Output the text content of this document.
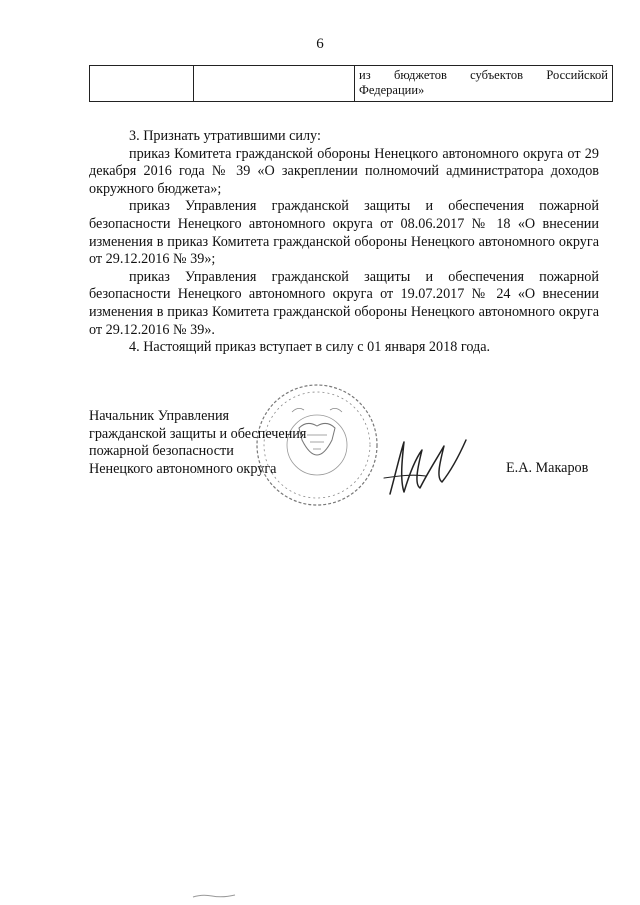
6

из бюджетов субъектов Российской
Федерации»

3. Признать утратившими силу:

приказ Комитета гражданской обороны Ненецкого автономного округа от 29 декабря 2016 года № 39 «О закреплении полномочий администратора доходов окружного бюджета»;

приказ Управления гражданской защиты и обеспечения пожарной безопасности Ненецкого автономного округа от 08.06.2017 № 18 «О внесении изменения в приказ Комитета гражданской обороны Ненецкого автономного округа от 29.12.2016 № 39»;

приказ Управления гражданской защиты и обеспечения пожарной безопасности Ненецкого автономного округа от 19.07.2017 № 24 «О внесении изменения в приказ Комитета гражданской обороны Ненецкого автономного округа от 29.12.2016 № 39».

4. Настоящий приказ вступает в силу с 01 января 2018 года.

Начальник Управления
гражданской защиты и обеспечения
пожарной безопасности
Ненецкого автономного округа	Е.А. Макаров
